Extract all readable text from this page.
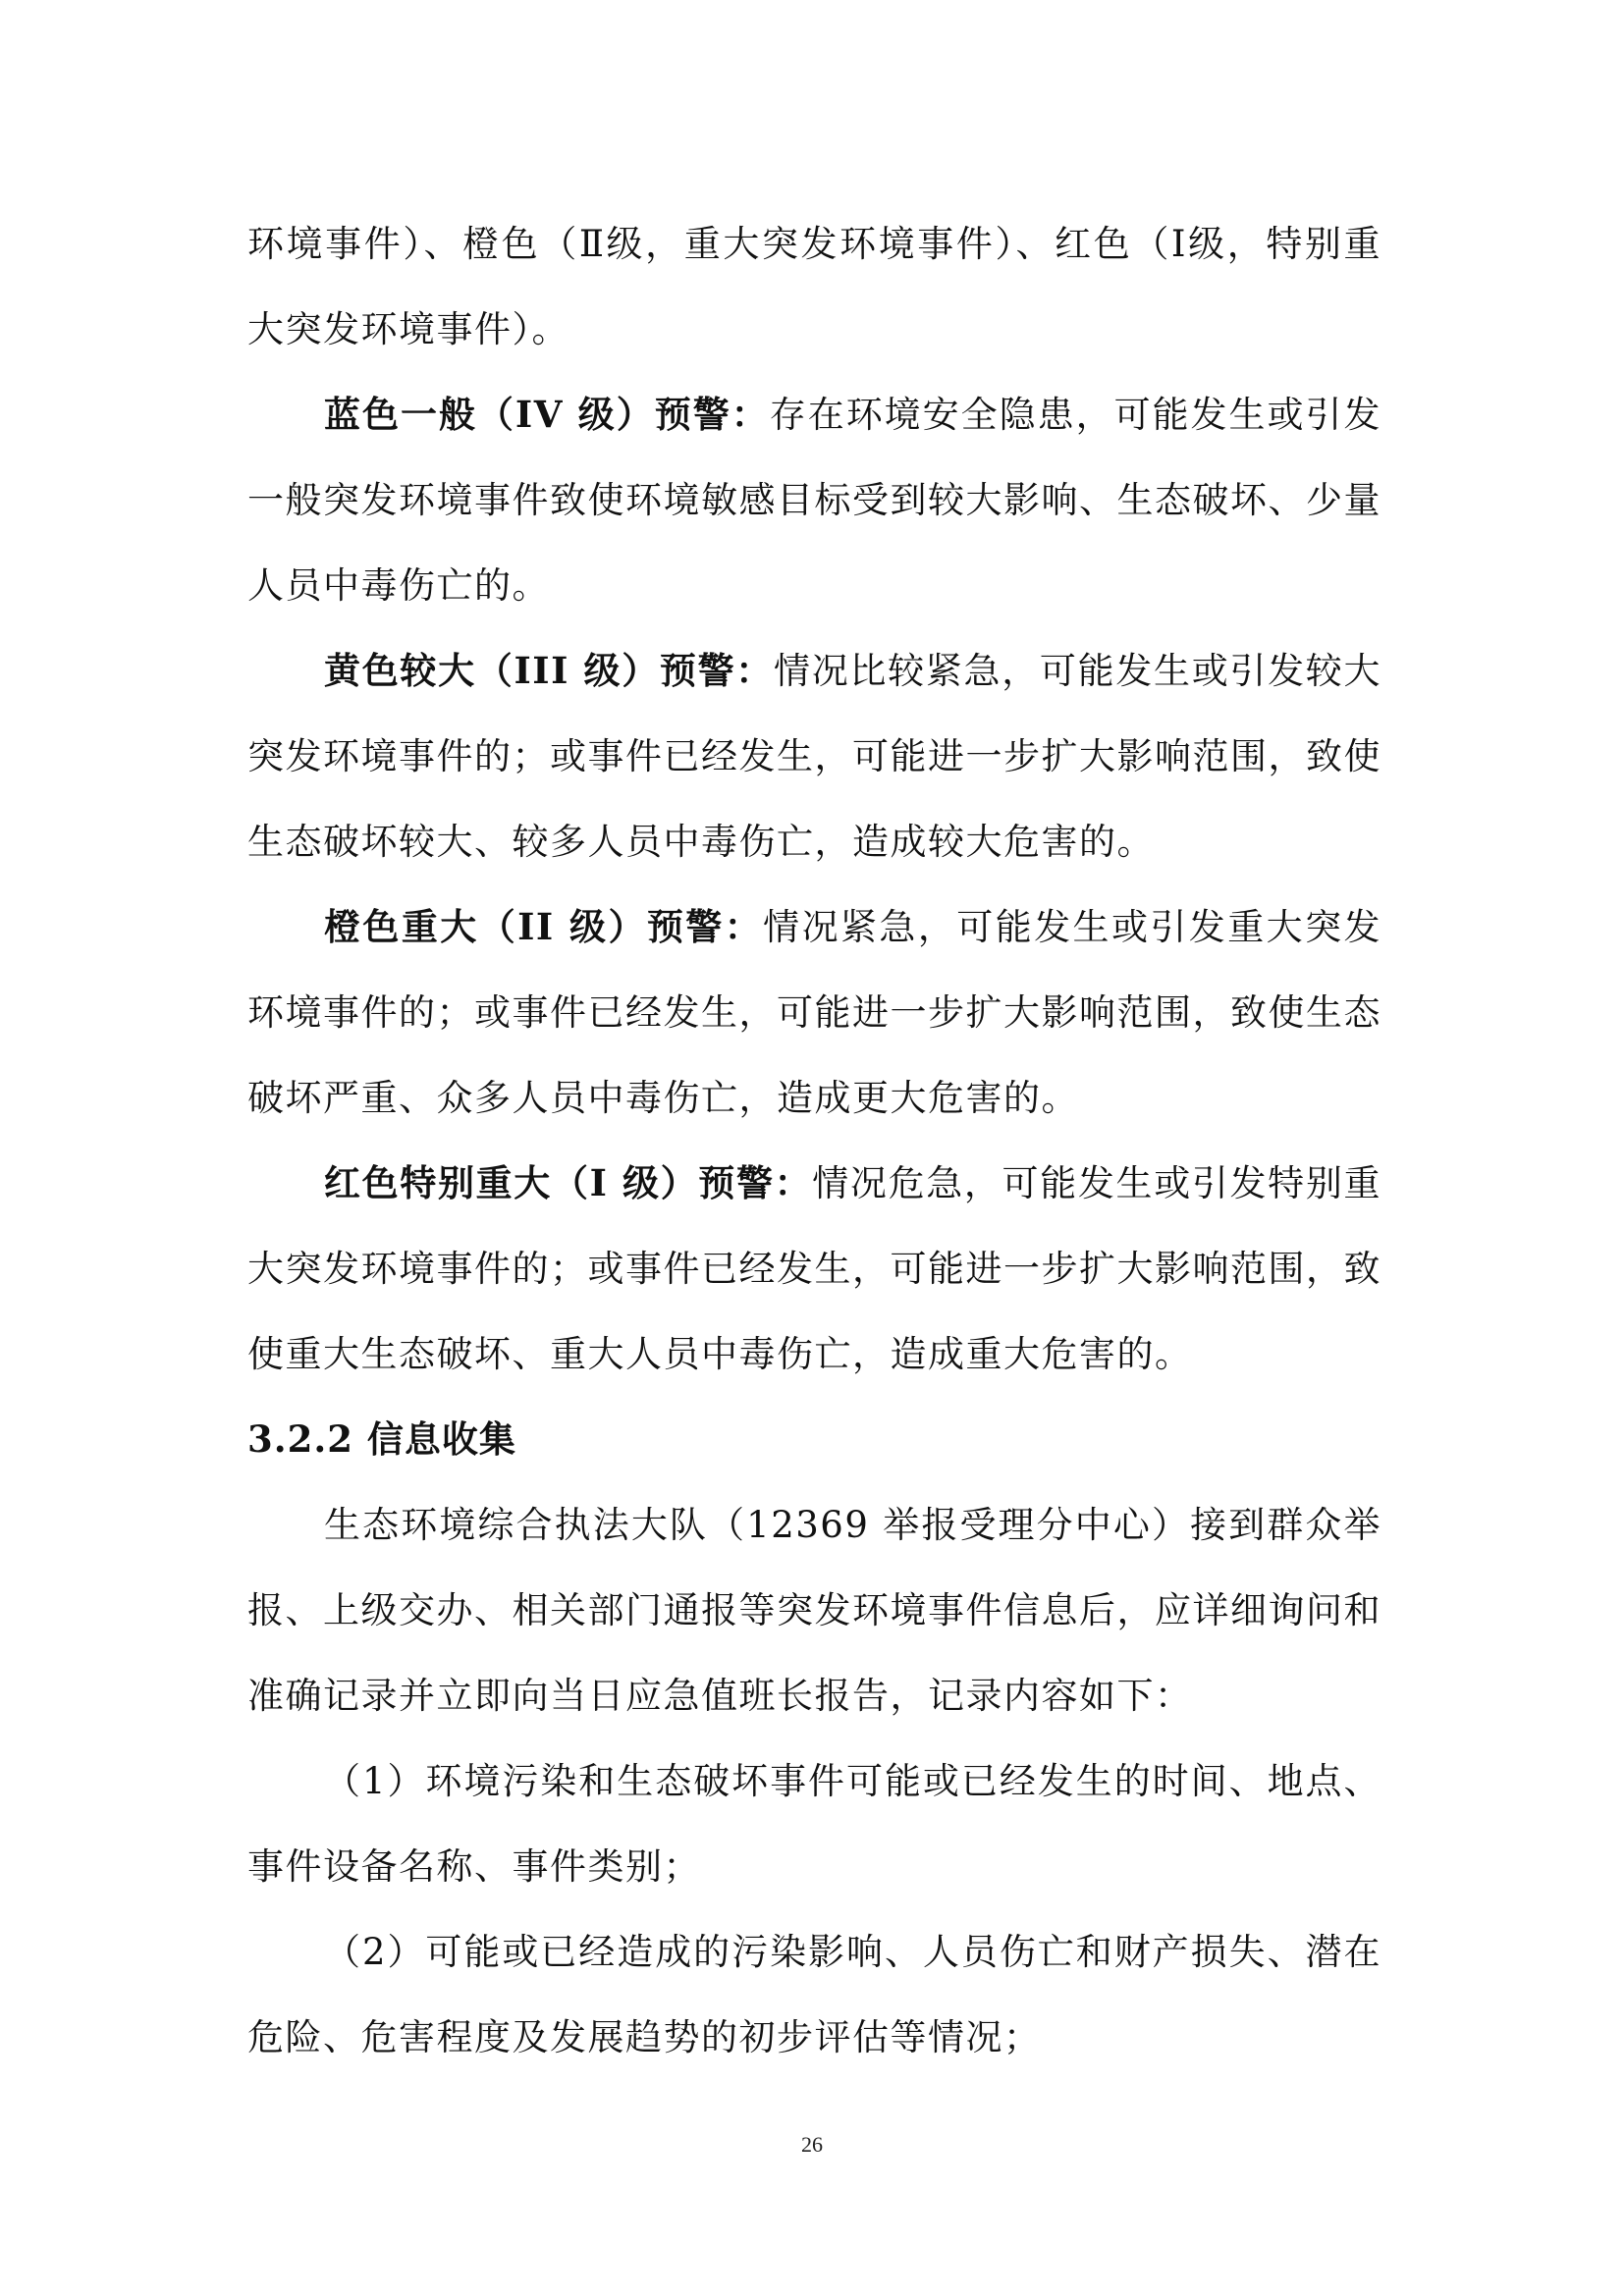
环境事件）、橙色（Ⅱ级，重大突发环境事件）、红色（Ⅰ级，特别重大突发环境事件）。

蓝色一般（IV 级）预警：存在环境安全隐患，可能发生或引发一般突发环境事件致使环境敏感目标受到较大影响、生态破坏、少量人员中毒伤亡的。

黄色较大（III 级）预警：情况比较紧急，可能发生或引发较大突发环境事件的；或事件已经发生，可能进一步扩大影响范围，致使生态破坏较大、较多人员中毒伤亡，造成较大危害的。

橙色重大（II 级）预警：情况紧急，可能发生或引发重大突发环境事件的；或事件已经发生，可能进一步扩大影响范围，致使生态破坏严重、众多人员中毒伤亡，造成更大危害的。

红色特别重大（I 级）预警：情况危急，可能发生或引发特别重大突发环境事件的；或事件已经发生，可能进一步扩大影响范围，致使重大生态破坏、重大人员中毒伤亡，造成重大危害的。

3.2.2 信息收集

生态环境综合执法大队（12369 举报受理分中心）接到群众举报、上级交办、相关部门通报等突发环境事件信息后，应详细询问和准确记录并立即向当日应急值班长报告，记录内容如下：

（1）环境污染和生态破坏事件可能或已经发生的时间、地点、事件设备名称、事件类别；

（2）可能或已经造成的污染影响、人员伤亡和财产损失、潜在危险、危害程度及发展趋势的初步评估等情况；

26
